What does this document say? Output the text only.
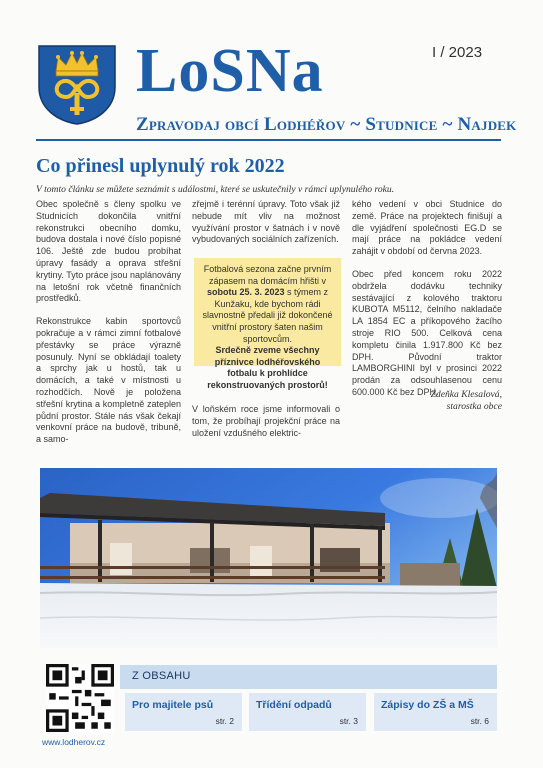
LoSNa	I / 2023
Zpravodaj obcí Lodhéřov ~ Studnice ~ Najdek
Co přinesl uplynulý rok 2022
V tomto článku se můžete seznámit s událostmi, které se uskutečnily v rámci uplynulého roku.

Obec společně s členy spolku ve Studnicích dokončila vnitřní rekonstrukci obecního domku, budova dostala i nové číslo popisné 106. Ještě zde budou probíhat úpravy fasády a oprava střešní krytiny. Tyto práce jsou naplánovány na letošní rok včetně finančních prostředků.

Rekonstrukce kabin sportovců pokračuje a v rámci zimní fotbalové přestávky se práce výrazně posunuly. Nyní se obkládají toalety a sprchy jak u hostů, tak u domácích, a také v místnosti u rozhodčích. Nově je položena střešní krytina a kompletně zateplen půdní prostor. Stále nás však čekají venkovní práce na budově, tribuně, a samo-

zřejmě i terénní úpravy. Toto však již nebude mít vliv na možnost využívání prostor v šatnách i v nově vybudovaných sociálních zařízeních.

Fotbalová sezona začne prvním zápasem na domácím hřišti v sobotu 25. 3. 2023 s týmem z Kunžaku, kde bychom rádi slavnostně předali již dokončené vnitřní prostory šaten našim sportovcům.
Srdečně zveme všechny příznivce lodhéřovského fotbalu k prohlídce rekonstruovaných prostorů!

V loňském roce jsme informovali o tom, že probíhají projekční práce na uložení vzdušného elektric-

kého vedení v obci Studnice do země. Práce na projektech finišují a dle vyjádření společnosti EG.D se mají práce na pokládce vedení zahájit v období od června 2023.

Obec před koncem roku 2022 obdržela dodávku techniky sestávající z kolového traktoru KUBOTA M5112, čelního nakladače LA 1854 EC a příkopového žacího stroje RIO 500. Celková cena kompletu činila 1.917.800 Kč bez DPH. Původní traktor LAMBORGHINI byl v prosinci 2022 prodán za odsouhlasenou cenu 600.000 Kč bez DPH.

Zdeňka Klesalová,
starostka obce
www.lodherov.cz
Z OBSAHU
Pro majitele psů
str. 2
Třídění odpadů
str. 3
Zápisy do ZŠ a MŠ
str. 6
